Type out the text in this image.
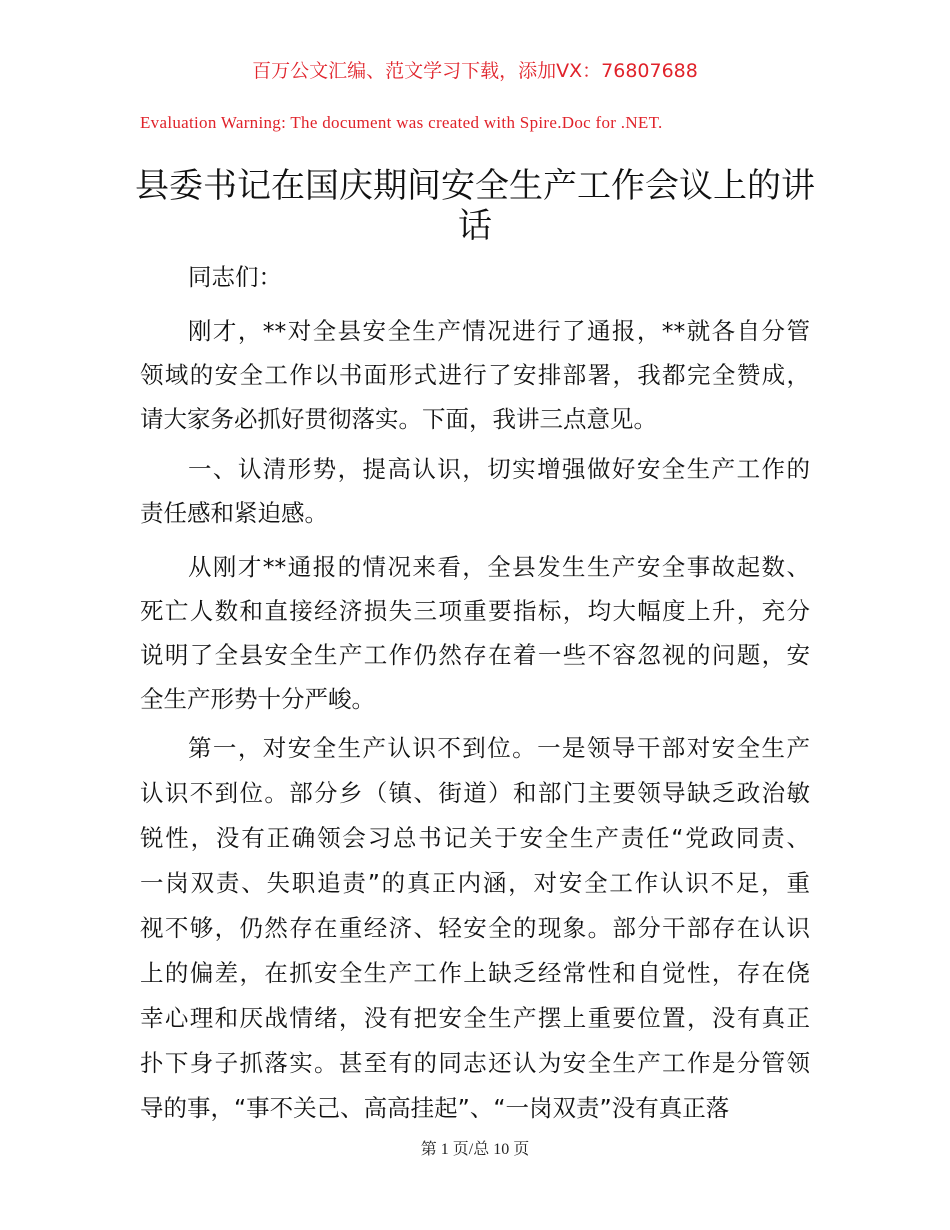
百万公文汇编、范文学习下载，添加VX：76807688
Evaluation Warning: The document was created with Spire.Doc for .NET.
县委书记在国庆期间安全生产工作会议上的讲
话
同志们：
刚才，**对全县安全生产情况进行了通报，**就各自分管
领域的安全工作以书面形式进行了安排部署，我都完全赞成，
请大家务必抓好贯彻落实。下面，我讲三点意见。
一、认清形势，提高认识，切实增强做好安全生产工作的
责任感和紧迫感。
从刚才**通报的情况来看，全县发生生产安全事故起数、
死亡人数和直接经济损失三项重要指标，均大幅度上升，充分
说明了全县安全生产工作仍然存在着一些不容忽视的问题，安
全生产形势十分严峻。
第一，对安全生产认识不到位。一是领导干部对安全生产
认识不到位。部分乡（镇、街道）和部门主要领导缺乏政治敏
锐性，没有正确领会习总书记关于安全生产责任“党政同责、
一岗双责、失职追责”的真正内涵，对安全工作认识不足，重
视不够，仍然存在重经济、轻安全的现象。部分干部存在认识
上的偏差，在抓安全生产工作上缺乏经常性和自觉性，存在侥
幸心理和厌战情绪，没有把安全生产摆上重要位置，没有真正
扑下身子抓落实。甚至有的同志还认为安全生产工作是分管领
导的事，“事不关己、高高挂起”、“一岗双责”没有真正落
第 1 页/总 10 页
